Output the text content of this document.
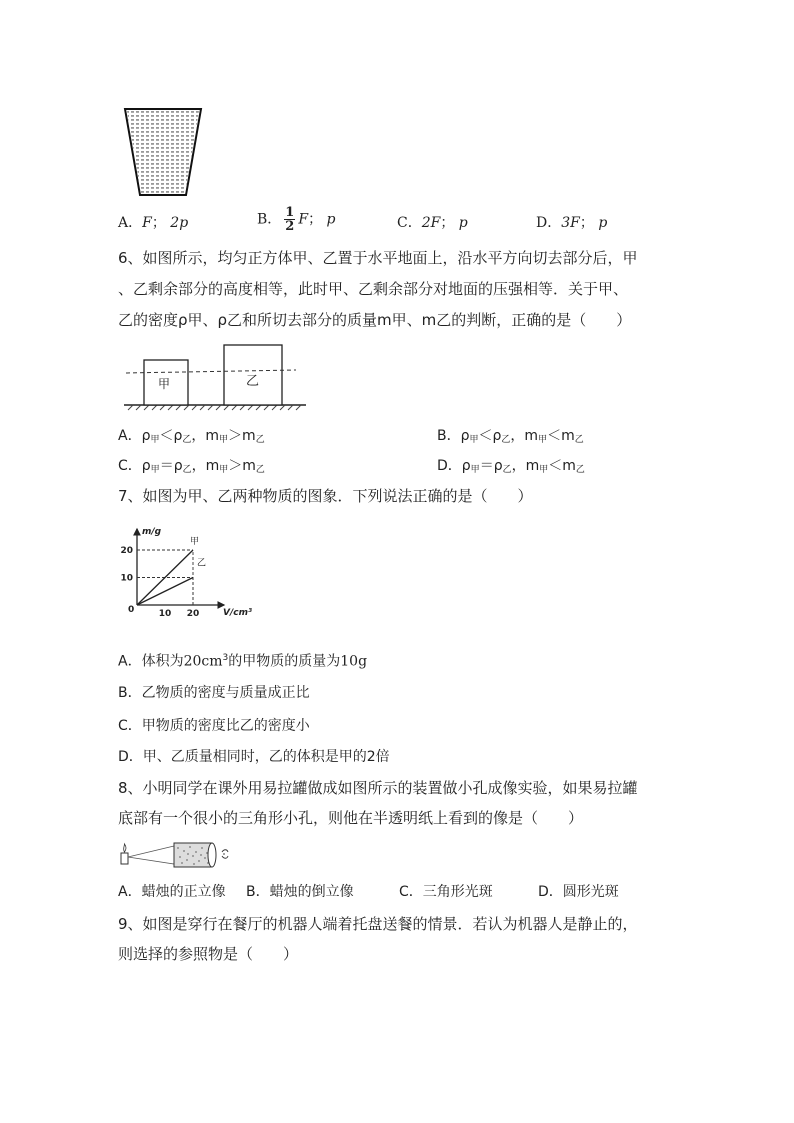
A．F； 2p	B． $\frac{1}{2}$ F； p	C．2F； p	D．3F； p
6、如图所示，均匀正方体甲、乙置于水平地面上，沿水平方向切去部分后，甲
、乙剩余部分的高度相等，此时甲、乙剩余部分对地面的压强相等．关于甲、
乙的密度ρ甲、ρ乙和所切去部分的质量m甲、m乙的判断，正确的是（　　）
甲	乙
A．$\rho_甲<\rho_乙$，$m_甲>m_乙$	B．$\rho_甲<\rho_乙$，$m_甲<m_乙$
C．$\rho_甲=\rho_乙$，$m_甲>m_乙$	D．$\rho_甲=\rho_乙$，$m_甲<m_乙$
7、如图为甲、乙两种物质的图象．下列说法正确的是（　　）
甲
乙
10 20
10
20
m/g
V/cm³
0
A．体积为$20cm^3$的甲物质的质量为10g
B．乙物质的密度与质量成正比
C．甲物质的密度比乙的密度小
D．甲、乙质量相同时，乙的体积是甲的2倍
8、小明同学在课外用易拉罐做成如图所示的装置做小孔成像实验，如果易拉罐
底部有一个很小的三角形小孔，则他在半透明纸上看到的像是（　　）
A．蜡烛的正立像 B．蜡烛的倒立像	C．三角形光斑	D．圆形光斑
9、如图是穿行在餐厅的机器人端着托盘送餐的情景．若认为机器人是静止的，
则选择的参照物是（　　）
